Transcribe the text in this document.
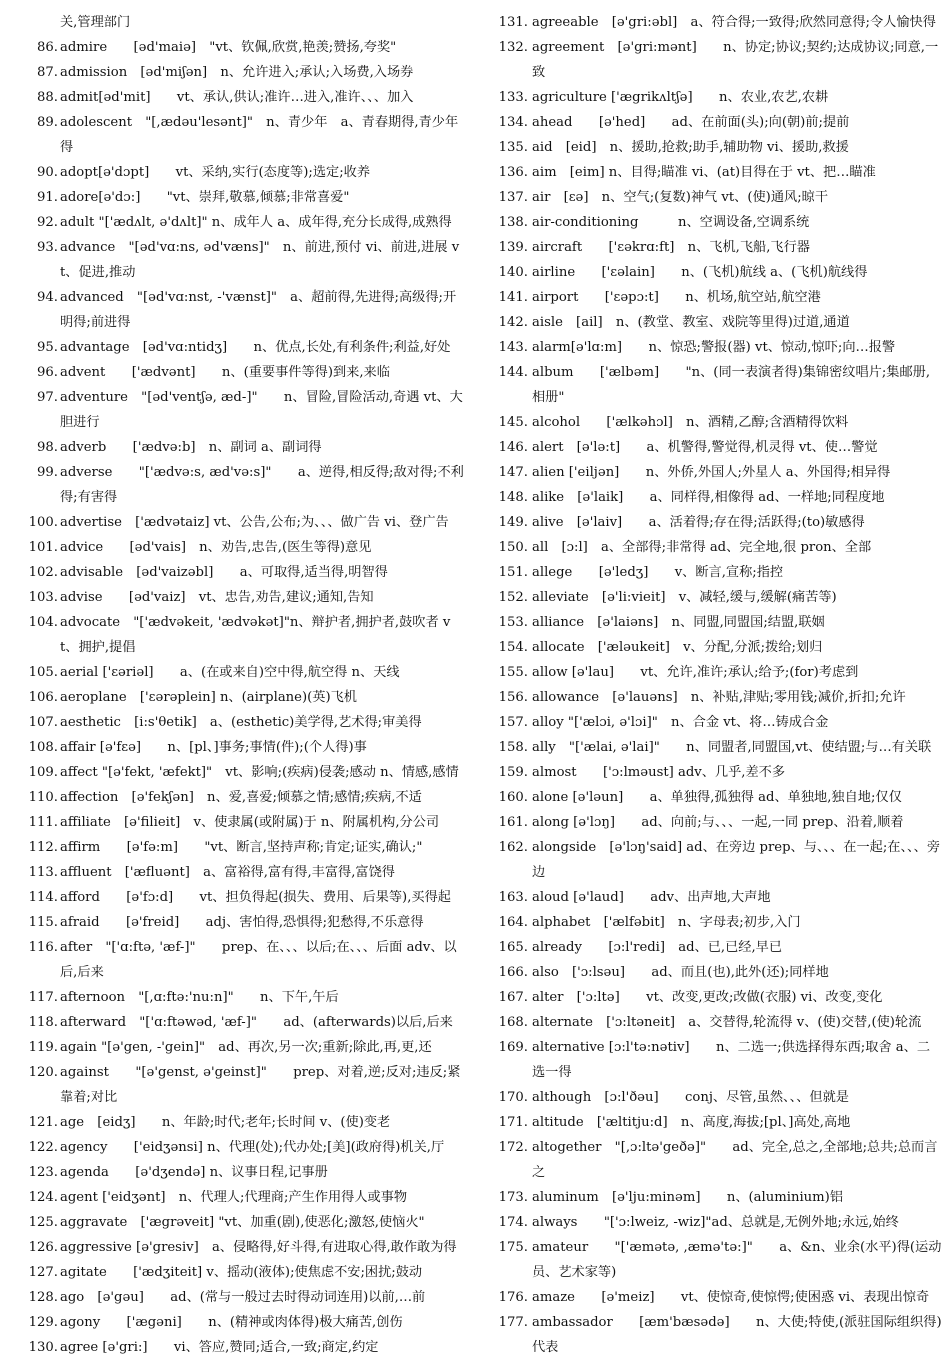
关,管理部门
86. admire　　[əd'maiə]　"vt、钦佩,欣赏,艳羡;赞扬,夸奖"
87. admission　[əd'miʃən]　n、允许进入;承认;入场费,入场券
88. admit[əd'mit]　　vt、承认,供认;准许…进入,准许、、、加入
89. adolescent　"[,ædəu'lesənt]"　n、青少年　a、青春期得,青少年得
90. adopt[ə'dɔpt]　　vt、采纳,实行(态度等);选定;收养
91. adore[ə'dɔ:]　　"vt、崇拜,敬慕,倾慕;非常喜爱"
92. adult "['ædʌlt, ə'dʌlt]" n、成年人 a、成年得,充分长成得,成熟得
93. advance　"[əd'vɑ:ns, əd'væns]"　n、前进,预付 vi、前进,进展 vt、促进,推动
94. advanced　"[əd'vɑ:nst, -'vænst]"　a、超前得,先进得;高级得;开明得;前进得
95. advantage　[əd'vɑ:ntidʒ]　　n、优点,长处,有利条件;利益,好处
96. advent　　['ædvənt]　　n、(重要事件等得)到来,来临
97. adventure　"[əd'ventʃə, æd-]"　　n、冒险,冒险活动,奇遇 vt、大胆进行
98. adverb　　['ædvə:b]　n、副词 a、副词得
99. adverse　　"['ædvə:s, æd'və:s]"　　a、逆得,相反得;敌对得;不利得;有害得
100. advertise　['ædvətaiz] vt、公告,公布;为、、、做广告 vi、登广告
101. advice　　[əd'vais]　n、劝告,忠告,(医生等得)意见
102. advisable　[əd'vaizəbl]　　a、可取得,适当得,明智得
103. advise　　[əd'vaiz]　vt、忠告,劝告,建议;通知,告知
104. advocate　"['ædvəkeit, 'ædvəkət]"n、辩护者,拥护者,鼓吹者 vt、拥护,提倡
105. aerial ['ɛəriəl]　　a、(在或来自)空中得,航空得 n、天线
106. aeroplane　['ɛərəplein] n、(airplane)(英)飞机
107. aesthetic　[i:s'θetik]　a、(esthetic)美学得,艺术得;审美得
108. affair [ə'fɛə]　　n、[pl、]事务;事情(件);(个人得)事
109. affect "[ə'fekt, 'æfekt]"　vt、影响;(疾病)侵袭;感动 n、情感,感情
110. affection　[ə'fekʃən]　n、爱,喜爱;倾慕之情;感情;疾病,不适
111. affiliate　[ə'filieit]　v、使隶属(或附属)于 n、附属机构,分公司
112. affirm　　[ə'fə:m]　　"vt、断言,坚持声称;肯定;证实,确认;"
113. affluent　['æfluənt]　a、富裕得,富有得,丰富得,富饶得
114. afford　　[ə'fɔ:d]　　vt、担负得起(损失、费用、后果等),买得起
115. afraid　　[ə'freid]　　adj、害怕得,恐惧得;犯愁得,不乐意得
116. after　"['ɑ:ftə, 'æf-]"　　prep、在、、、以后;在、、、后面 adv、以后,后来
117. afternoon　"[,ɑ:ftə:'nu:n]"　　n、下午,午后
118. afterward　"['ɑ:ftəwəd, 'æf-]"　　ad、(afterwards)以后,后来
119. again "[ə'gen, -'gein]"　ad、再次,另一次;重新;除此,再,更,还
120. against　　"[ə'genst, ə'geinst]"　　prep、对着,逆;反对;违反;紧靠着;对比
121. age　[eidʒ]　　n、年龄;时代;老年;长时间 v、(使)变老
122. agency　　['eidʒənsi] n、代理(处);代办处;[美](政府得)机关,厅
123. agenda　　[ə'dʒendə] n、议事日程,记事册
124. agent ['eidʒənt]　n、代理人;代理商;产生作用得人或事物
125. aggravate　['ægrəveit] "vt、加重(剧),使恶化;激怒,使恼火"
126. aggressive [ə'gresiv]　a、侵略得,好斗得,有进取心得,敢作敢为得
127. agitate　　['ædʒiteit] v、摇动(液体);使焦虑不安;困扰;鼓动
128. ago　[ə'gəu]　　ad、(常与一般过去时得动词连用)以前,…前
129. agony　　['ægəni]　　n、(精神或肉体得)极大痛苦,创伤
130. agree [ə'gri:]　　vi、答应,赞同;适合,一致;商定,约定
131. agreeable　[ə'gri:əbl]　a、符合得;一致得;欣然同意得;令人愉快得
132. agreement　[ə'gri:mənt]　　n、协定;协议;契约;达成协议;同意,一致
133. agriculture ['ægrikʌltʃə]　　n、农业,农艺,农耕
134. ahead　　[ə'hed]　　ad、在前面(头);向(朝)前;提前
135. aid　[eid]　n、援助,抢救;助手,辅助物 vi、援助,救援
136. aim　[eim] n、目得;瞄准 vi、(at)目得在于 vt、把…瞄准
137. air　[ɛə]　n、空气;(复数)神气 vt、(使)通风;晾干
138. air-conditioning　　　n、空调设备,空调系统
139. aircraft　　['ɛəkrɑ:ft]　n、飞机,飞船,飞行器
140. airline　　['ɛəlain]　　n、(飞机)航线 a、(飞机)航线得
141. airport　　['ɛəpɔ:t]　　n、机场,航空站,航空港
142. aisle　[ail]　n、(教堂、教室、戏院等里得)过道,通道
143. alarm[ə'lɑ:m]　　n、惊恐;警报(器) vt、惊动,惊吓;向…报警
144. album　　['ælbəm]　　"n、(同一表演者得)集锦密纹唱片;集邮册,相册"
145. alcohol　　['ælkəhɔl]　n、酒精,乙醇;含酒精得饮料
146. alert　[ə'lə:t]　　a、机警得,警觉得,机灵得 vt、使…警觉
147. alien ['eiljən]　　n、外侨,外国人;外星人 a、外国得;相异得
148. alike　[ə'laik]　　a、同样得,相像得 ad、一样地;同程度地
149. alive　[ə'laiv]　　a、活着得;存在得;活跃得;(to)敏感得
150. all　[ɔ:l]　a、全部得;非常得 ad、完全地,很 pron、全部
151. allege　　[ə'ledʒ]　　v、断言,宣称;指控
152. alleviate　[ə'li:vieit]　v、减轻,缓与,缓解(痛苦等)
153. alliance　[ə'laiəns]　n、同盟,同盟国;结盟,联姻
154. allocate　['æləukeit]　v、分配,分派;拨给;划归
155. allow [ə'lau]　　vt、允许,准许;承认;给予;(for)考虑到
156. allowance　[ə'lauəns]　n、补贴,津贴;零用钱;减价,折扣;允许
157. alloy "['ælɔi, ə'lɔi]"　n、合金 vt、将…铸成合金
158. ally　"['ælai, ə'lai]"　　n、同盟者,同盟国,vt、使结盟;与…有关联
159. almost　　['ɔ:lməust] adv、几乎,差不多
160. alone [ə'ləun]　　a、单独得,孤独得 ad、单独地,独自地;仅仅
161. along [ə'lɔŋ]　　ad、向前;与、、、一起,一同 prep、沿着,顺着
162. alongside　[ə'lɔŋ'said] ad、在旁边 prep、与、、、在一起;在、、、旁边
163. aloud [ə'laud]　　adv、出声地,大声地
164. alphabet　['ælfəbit]　n、字母表;初步,入门
165. already　　[ɔ:l'redi]　ad、已,已经,早已
166. also　['ɔ:lsəu]　　ad、而且(也),此外(还);同样地
167. alter　['ɔ:ltə]　　vt、改变,更改;改做(衣服) vi、改变,变化
168. alternate　['ɔ:ltəneit]　a、交替得,轮流得 v、(使)交替,(使)轮流
169. alternative [ɔ:l'tə:nətiv]　　n、二选一;供选择得东西;取舍 a、二选一得
170. although　[ɔ:l'ðəu]　　conj、尽管,虽然、、、但就是
171. altitude　['æltitju:d]　n、高度,海拔;[pl、]高处,高地
172. altogether　"[,ɔ:ltə'geðə]"　　ad、完全,总之,全部地;总共;总而言之
173. aluminum　[ə'lju:minəm]　　n、(aluminium)铝
174. always　　"['ɔ:lweiz, -wiz]"ad、总就是,无例外地;永远,始终
175. amateur　　"['æmətə, ,æmə'tə:]"　　a、&n、业余(水平)得(运动员、艺术家等)
176. amaze　　[ə'meiz]　　vt、使惊奇,使惊愕;使困惑 vi、表现出惊奇
177. ambassador　　[æm'bæsədə]　　n、大使;特使,(派驻国际组织得)代表
